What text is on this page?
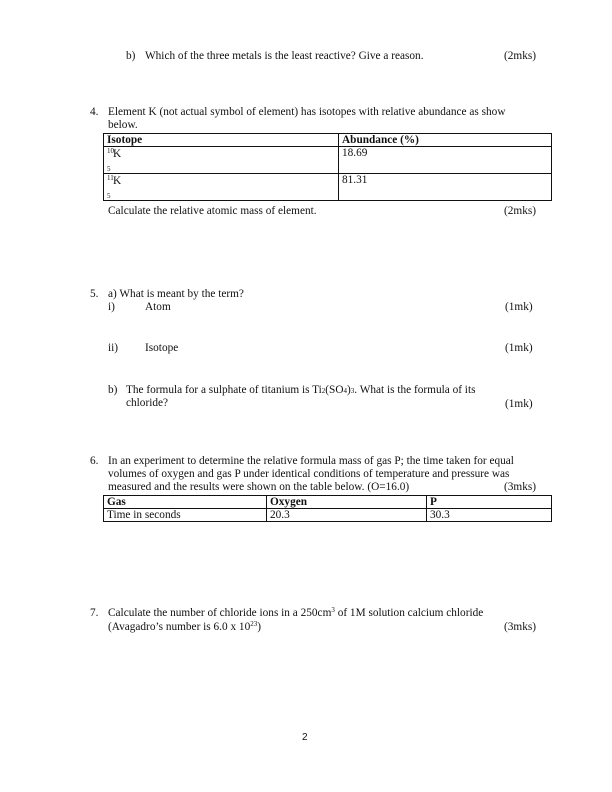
b) Which of the three metals is the least reactive? Give a reason.	(2mks)
4. Element K (not actual symbol of element) has isotopes with relative abundance as show
below.
Isotope	Abundance (%)

10 K
5	18.69

11 K
5	81.31
Calculate the relative atomic mass of element.	(2mks)
5. a) What is meant by the term?
i)	Atom	(1mk)
ii) Isotope	(1mk)
b) The formula for a sulphate of titanium is Ti2(SO4)3. What is the formula of its
chloride?	(1mk)
6. In an experiment to determine the relative formula mass of gas P; the time taken for equal
volumes of oxygen and gas P under identical conditions of temperature and pressure was
measured and the results were shown on the table below. (O=16.0)	(3mks)
Gas	Oxygen	P
Time in seconds	20.3	30.3
7. Calculate the number of chloride ions in a $250cm^3$ of 1M solution calcium chloride
(Avagadro’s number is 6.0 x $10^{23}$)	(3mks)
2
